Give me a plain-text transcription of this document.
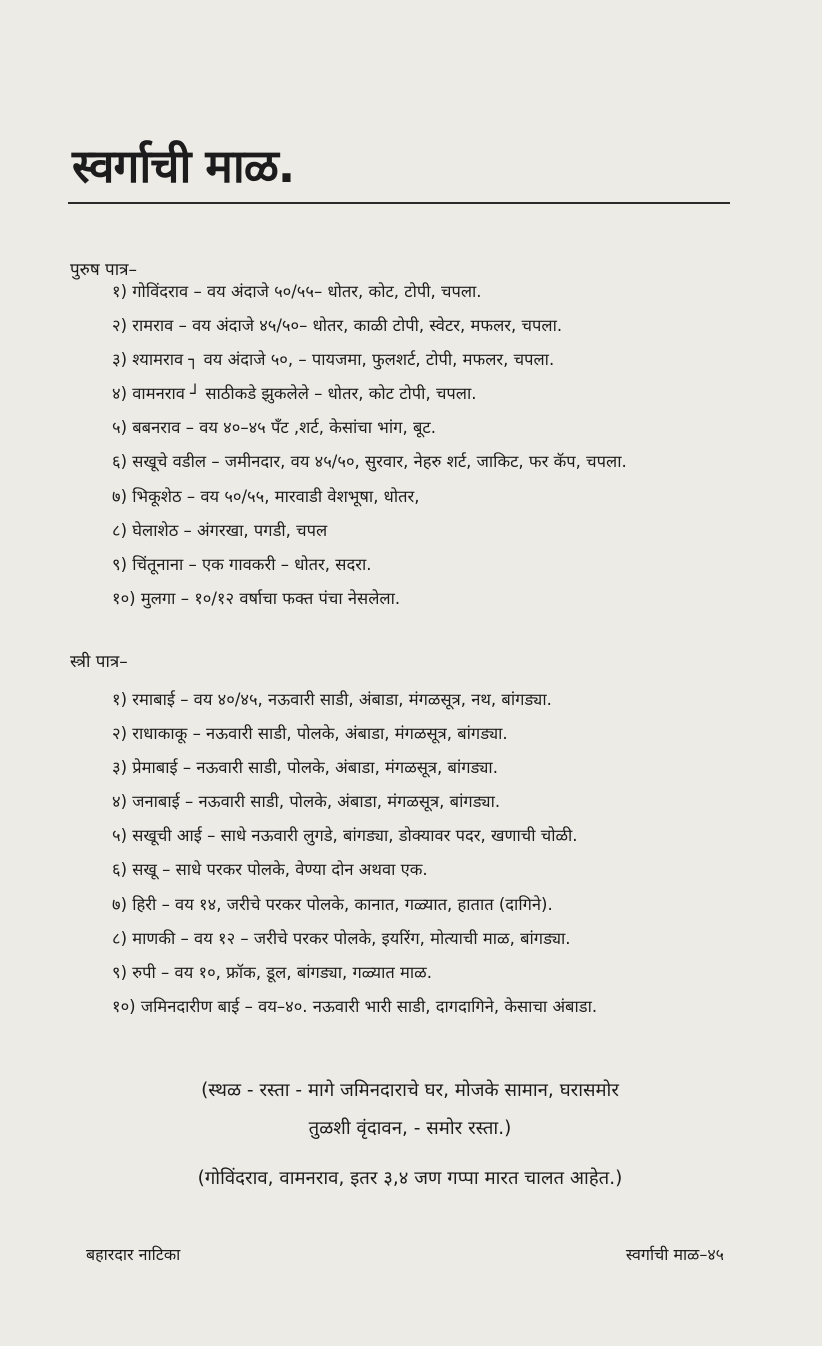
स्वर्गाची माळ.
पुरुष पात्र–
१) गोविंदराव – वय अंदाजे ५०/५५– धोतर, कोट, टोपी, चपला.
२) रामराव – वय अंदाजे ४५/५०– धोतर, काळी टोपी, स्वेटर, मफलर, चपला.
३) श्यामराव ┐ वय अंदाजे ५०, – पायजमा, फुलशर्ट, टोपी, मफलर, चपला.
४) वामनराव ┘ साठीकडे झुकलेले – धोतर, कोट टोपी, चपला.
५) बबनराव – वय ४०–४५ पँट ,शर्ट, केसांचा भांग, बूट.
६) सखूचे वडील – जमीनदार, वय ४५/५०, सुरवार, नेहरु शर्ट, जाकिट, फर कॅप, चपला.
७) भिकूशेठ – वय ५०/५५, मारवाडी वेशभूषा, धोतर,
८) घेलाशेठ – अंगरखा, पगडी, चपल
९) चिंतूनाना – एक गावकरी – धोतर, सदरा.
१०) मुलगा – १०/१२ वर्षाचा फक्त पंचा नेसलेला.
स्त्री पात्र–
१) रमाबाई – वय ४०/४५, नऊवारी साडी, अंबाडा, मंगळसूत्र, नथ, बांगड्या.
२) राधाकाकू – नऊवारी साडी, पोलके, अंबाडा, मंगळसूत्र, बांगड्या.
३) प्रेमाबाई – नऊवारी साडी, पोलके, अंबाडा, मंगळसूत्र, बांगड्या.
४) जनाबाई – नऊवारी साडी, पोलके, अंबाडा, मंगळसूत्र, बांगड्या.
५) सखूची आई – साधे नऊवारी लुगडे, बांगड्या, डोक्यावर पदर, खणाची चोळी.
६) सखू – साधे परकर पोलके, वेण्या दोन अथवा एक.
७) हिरी – वय १४, जरीचे परकर पोलके, कानात, गळ्यात, हातात (दागिने).
८) माणकी – वय १२ – जरीचे परकर पोलके, इयरिंग, मोत्याची माळ, बांगड्या.
९) रुपी – वय १०, फ्रॉक, डूल, बांगड्या, गळ्यात माळ.
१०) जमिनदारीण बाई – वय–४०. नऊवारी भारी साडी, दागदागिने, केसाचा अंबाडा.
(स्थळ - रस्ता - मागे जमिनदाराचे घर, मोजके सामान, घरासमोर
तुळशी वृंदावन, - समोर रस्ता.)
(गोविंदराव, वामनराव, इतर ३,४ जण गप्पा मारत चालत आहेत.)
बहारदार नाटिका	स्वर्गाची माळ–४५
